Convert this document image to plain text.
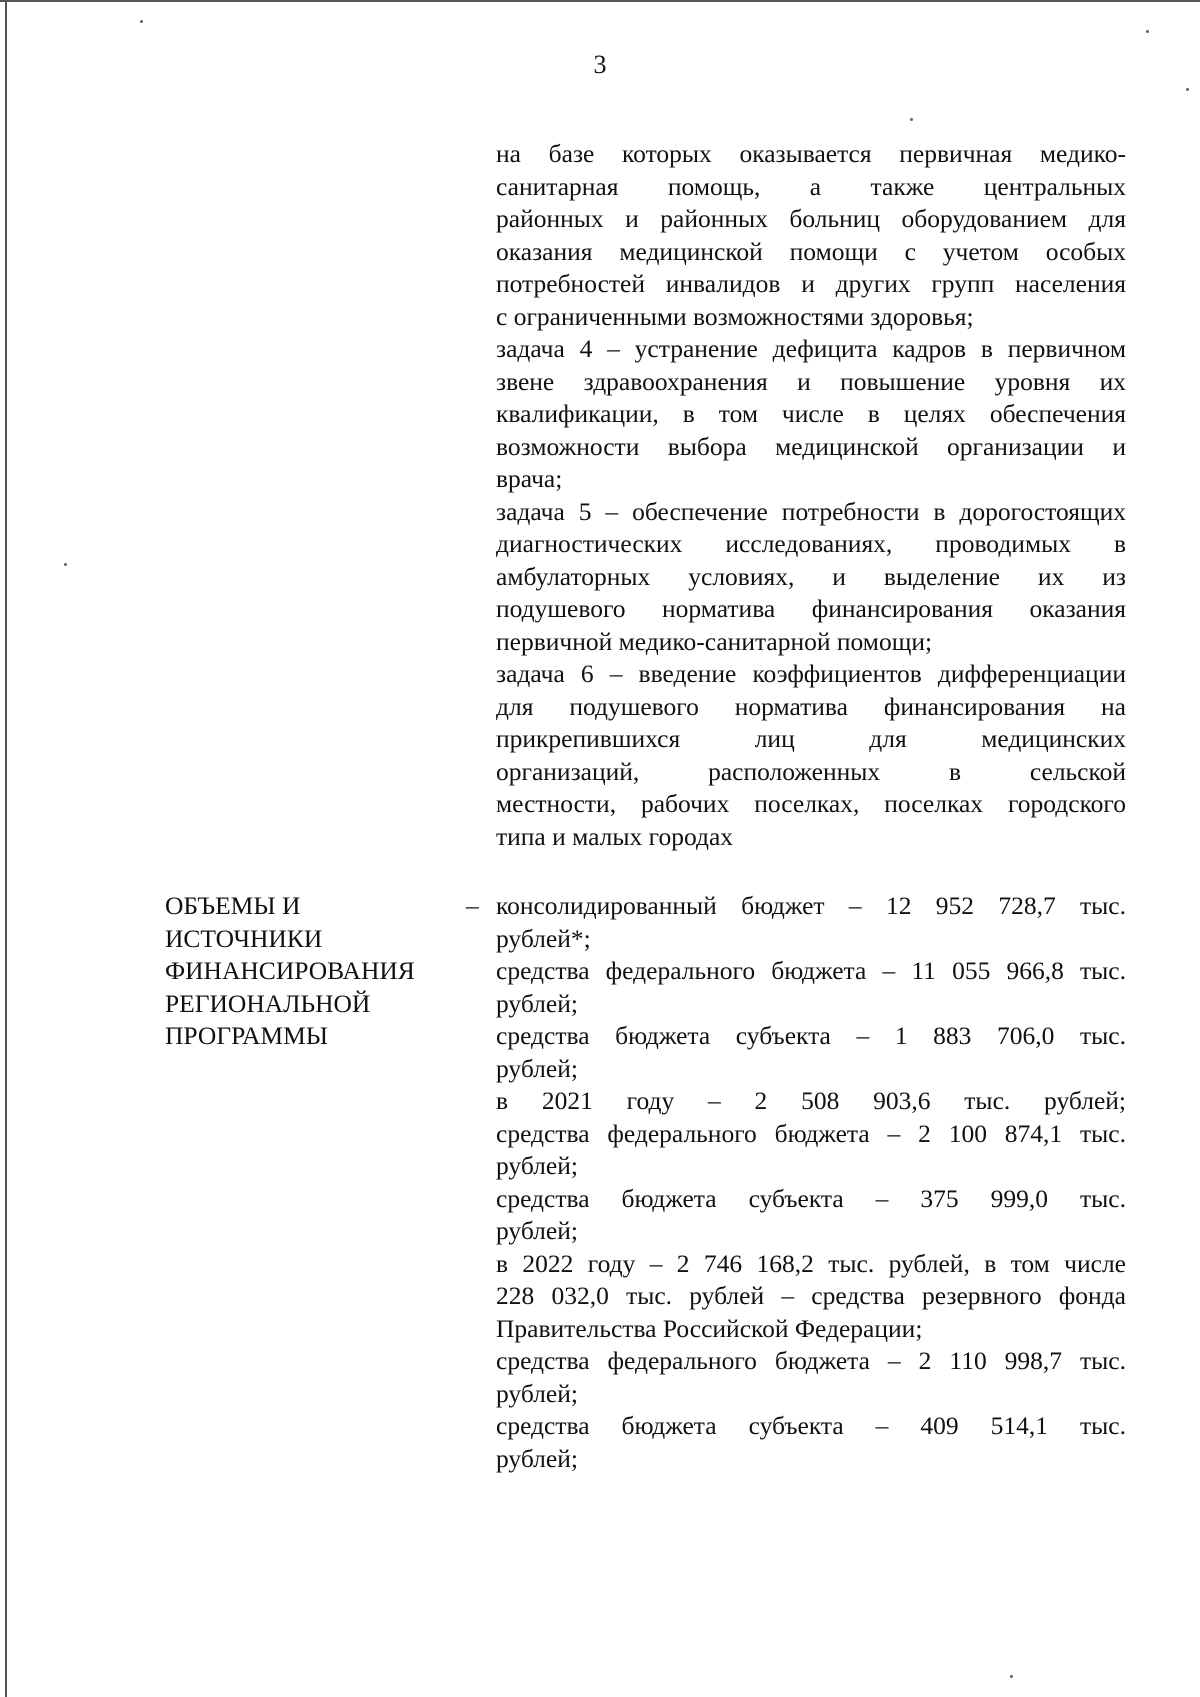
3
на базе которых оказывается первичная медико-
санитарная помощь, а также центральных
районных и районных больниц оборудованием для
оказания медицинской помощи с учетом особых
потребностей инвалидов и других групп населения
с ограниченными возможностями здоровья;
задача 4 – устранение дефицита кадров в первичном
звене здравоохранения и повышение уровня их
квалификации, в том числе в целях обеспечения
возможности выбора медицинской организации и
врача;
задача 5 – обеспечение потребности в дорогостоящих
диагностических исследованиях, проводимых в
амбулаторных условиях, и выделение их из
подушевого норматива финансирования оказания
первичной медико-санитарной помощи;
задача 6 – введение коэффициентов дифференциации
для подушевого норматива финансирования на
прикрепившихся лиц для медицинских
организаций, расположенных в сельской
местности, рабочих поселках, поселках городского
типа и малых городах
ОБЪЕМЫ И
ИСТОЧНИКИ
ФИНАНСИРОВАНИЯ
РЕГИОНАЛЬНОЙ
ПРОГРАММЫ
– консолидированный бюджет – 12 952 728,7 тыс.
рублей*;
средства федерального бюджета – 11 055 966,8 тыс.
рублей;
средства бюджета субъекта – 1 883 706,0 тыс.
рублей;
в 2021 году – 2 508 903,6 тыс. рублей;
средства федерального бюджета – 2 100 874,1 тыс.
рублей;
средства бюджета субъекта – 375 999,0 тыс.
рублей;
в 2022 году – 2 746 168,2 тыс. рублей, в том числе
228 032,0 тыс. рублей – средства резервного фонда
Правительства Российской Федерации;
средства федерального бюджета – 2 110 998,7 тыс.
рублей;
средства бюджета субъекта – 409 514,1 тыс.
рублей;
